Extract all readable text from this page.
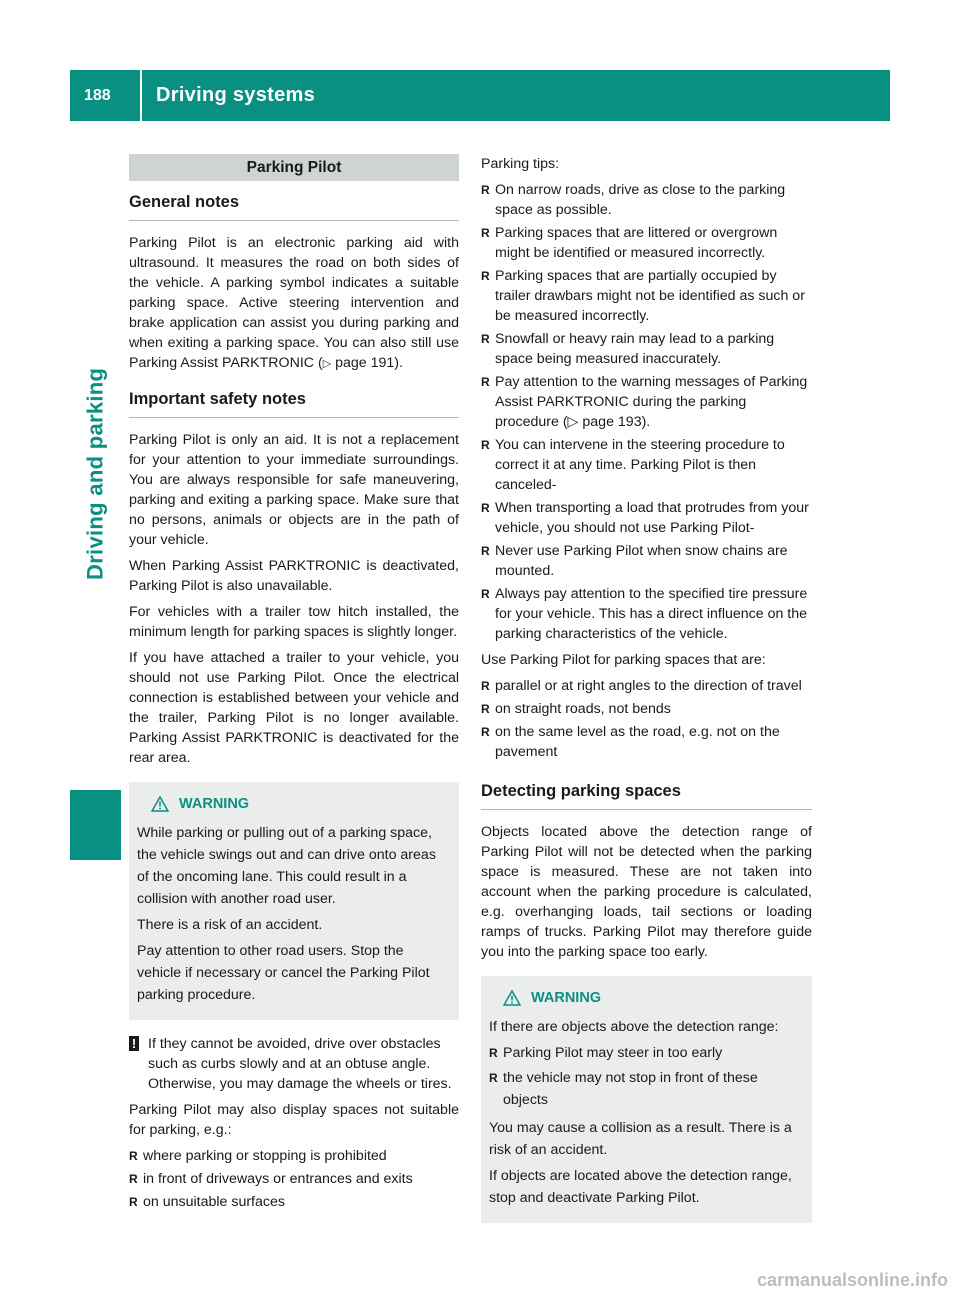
188	Driving systems
Driving and parking
Parking Pilot
General notes

Parking Pilot is an electronic parking aid with ultrasound. It measures the road on both sides of the vehicle. A parking symbol indicates a suitable parking space. Active steering intervention and brake application can assist you during parking and when exiting a parking space. You can also still use Parking Assist PARKTRONIC (▷ page 191).

Important safety notes

Parking Pilot is only an aid. It is not a replacement for your attention to your immediate surroundings. You are always responsible for safe maneuvering, parking and exiting a parking space. Make sure that no persons, animals or objects are in the path of your vehicle.

When Parking Assist PARKTRONIC is deactivated, Parking Pilot is also unavailable.

For vehicles with a trailer tow hitch installed, the minimum length for parking spaces is slightly longer.

If you have attached a trailer to your vehicle, you should not use Parking Pilot. Once the electrical connection is established between your vehicle and the trailer, Parking Pilot is no longer available. Parking Assist PARKTRONIC is deactivated for the rear area.

WARNING

While parking or pulling out of a parking space, the vehicle swings out and can drive onto areas of the oncoming lane. This could result in a collision with another road user.

There is a risk of an accident.

Pay attention to other road users. Stop the vehicle if necessary or cancel the Parking Pilot parking procedure.

! If they cannot be avoided, drive over obstacles such as curbs slowly and at an obtuse angle. Otherwise, you may damage the wheels or tires.

Parking Pilot may also display spaces not suitable for parking, e.g.:

R where parking or stopping is prohibited
R in front of driveways or entrances and exits
R on unsuitable surfaces

Parking tips:

R On narrow roads, drive as close to the parking space as possible.
R Parking spaces that are littered or overgrown might be identified or measured incorrectly.
R Parking spaces that are partially occupied by trailer drawbars might not be identified as such or be measured incorrectly.
R Snowfall or heavy rain may lead to a parking space being measured inaccurately.
R Pay attention to the warning messages of Parking Assist PARKTRONIC during the parking procedure (▷ page 193).
R You can intervene in the steering procedure to correct it at any time. Parking Pilot is then canceled-
R When transporting a load that protrudes from your vehicle, you should not use Parking Pilot-
R Never use Parking Pilot when snow chains are mounted.
R Always pay attention to the specified tire pressure for your vehicle. This has a direct influence on the parking characteristics of the vehicle.

Use Parking Pilot for parking spaces that are:

R parallel or at right angles to the direction of travel
R on straight roads, not bends
R on the same level as the road, e.g. not on the pavement
Detecting parking spaces

Objects located above the detection range of Parking Pilot will not be detected when the parking space is measured. These are not taken into account when the parking procedure is calculated, e.g. overhanging loads, tail sections or loading ramps of trucks. Parking Pilot may therefore guide you into the parking space too early.

WARNING

If there are objects above the detection range:

R Parking Pilot may steer in too early
R the vehicle may not stop in front of these objects

You may cause a collision as a result. There is a risk of an accident.

If objects are located above the detection range, stop and deactivate Parking Pilot.

carmanualsonline.info
